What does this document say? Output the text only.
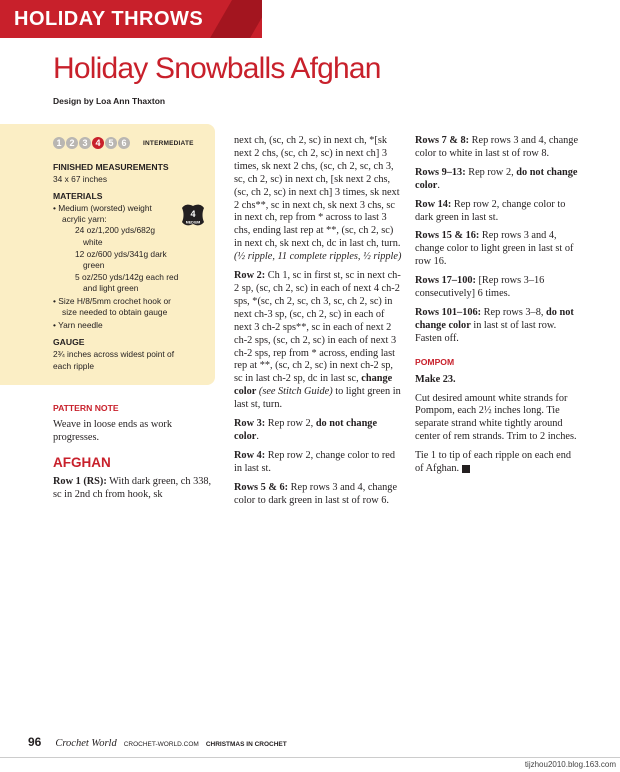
HOLIDAY THROWS
Holiday Snowballs Afghan
Design by Loa Ann Thaxton
1 2 3 4 5 6	INTERMEDIATE
FINISHED MEASUREMENTS
34 x 67 inches
MATERIALS
• Medium (worsted) weight
acrylic yarn:
24 oz/1,200 yds/682g
white
12 oz/600 yds/341g dark
green
5 oz/250 yds/142g each red
and light green
• Size H/8/5mm crochet hook or
size needed to obtain gauge
• Yarn needle
GAUGE
2¾ inches across widest point of
each ripple
4
MEDIUM
PATTERN NOTE

Weave in loose ends as work progresses.

AFGHAN

Row 1 (RS): With dark green, ch 338, sc in 2nd ch from hook, sk

next ch, (sc, ch 2, sc) in next ch, *[sk next 2 chs, (sc, ch 2, sc) in next ch] 3 times, sk next 2 chs, (sc, ch 2, sc, ch 3, sc, ch 2, sc) in next ch, [sk next 2 chs, (sc, ch 2, sc) in next ch] 3 times, sk next 2 chs**, sc in next ch, sk next 3 chs, sc in next ch, rep from * across to last 3 chs, ending last rep at **, (sc, ch 2, sc) in next ch, sk next ch, dc in last ch, turn. (½ ripple, 11 complete ripples, ½ ripple)

Row 2: Ch 1, sc in first st, sc in next ch-2 sp, (sc, ch 2, sc) in each of next 4 ch-2 sps, *(sc, ch 2, sc, ch 3, sc, ch 2, sc) in next ch-3 sp, (sc, ch 2, sc) in each of next 3 ch-2 sps**, sc in each of next 2 ch-2 sps, (sc, ch 2, sc) in each of next 3 ch-2 sps, rep from * across, ending last rep at **, (sc, ch 2, sc) in next ch-2 sp, sc in last ch-2 sp, dc in last sc, change color (see Stitch Guide) to light green in last st, turn.

Row 3: Rep row 2, do not change color.

Row 4: Rep row 2, change color to red in last st.

Rows 5 & 6: Rep rows 3 and 4, change color to dark green in last st of row 6.

Rows 7 & 8: Rep rows 3 and 4, change color to white in last st of row 8.

Rows 9–13: Rep row 2, do not change color.

Row 14: Rep row 2, change color to dark green in last st.

Rows 15 & 16: Rep rows 3 and 4, change color to light green in last st of row 16.

Rows 17–100: [Rep rows 3–16 consecutively] 6 times.

Rows 101–106: Rep rows 3–8, do not change color in last st of last row. Fasten off.

POMPOM

Make 23.

Cut desired amount white strands for Pompom, each 2½ inches long. Tie separate strand white tightly around center of rem strands. Trim to 2 inches.

Tie 1 to tip of each ripple on each end of Afghan.

96 Crochet World CROCHET-WORLD.COM CHRISTMAS IN CROCHET
tijzhou2010.blog.163.com
